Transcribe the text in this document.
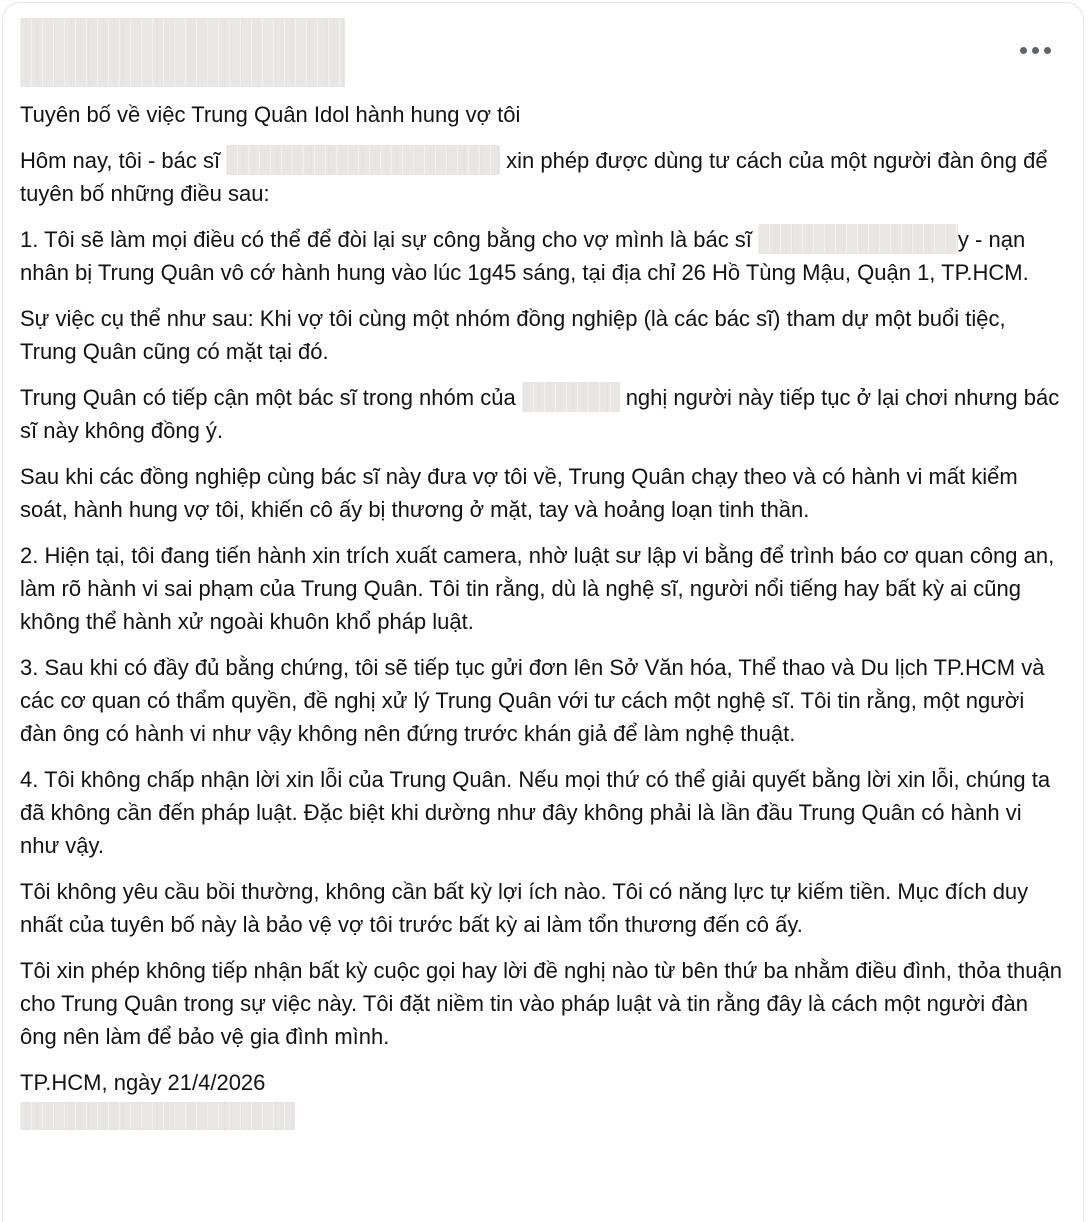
Tuyên bố về việc Trung Quân Idol hành hung vợ tôi

Hôm nay, tôi - bác sĩ	xin phép được dùng tư cách của một người đàn ông để tuyên bố những điều sau:

1. Tôi sẽ làm mọi điều có thể để đòi lại sự công bằng cho vợ mình là bác sĩ	y - nạn nhân bị Trung Quân vô cớ hành hung vào lúc 1g45 sáng, tại địa chỉ 26 Hồ Tùng Mậu, Quận 1, TP.HCM.

Sự việc cụ thể như sau: Khi vợ tôi cùng một nhóm đồng nghiệp (là các bác sĩ) tham dự một buổi tiệc, Trung Quân cũng có mặt tại đó.

Trung Quân có tiếp cận một bác sĩ trong nhóm của	nghị người này tiếp tục ở lại chơi nhưng bác sĩ này không đồng ý.

Sau khi các đồng nghiệp cùng bác sĩ này đưa vợ tôi về, Trung Quân chạy theo và có hành vi mất kiểm soát, hành hung vợ tôi, khiến cô ấy bị thương ở mặt, tay và hoảng loạn tinh thần.

2. Hiện tại, tôi đang tiến hành xin trích xuất camera, nhờ luật sư lập vi bằng để trình báo cơ quan công an, làm rõ hành vi sai phạm của Trung Quân. Tôi tin rằng, dù là nghệ sĩ, người nổi tiếng hay bất kỳ ai cũng không thể hành xử ngoài khuôn khổ pháp luật.

3. Sau khi có đầy đủ bằng chứng, tôi sẽ tiếp tục gửi đơn lên Sở Văn hóa, Thể thao và Du lịch TP.HCM và các cơ quan có thẩm quyền, đề nghị xử lý Trung Quân với tư cách một nghệ sĩ. Tôi tin rằng, một người đàn ông có hành vi như vậy không nên đứng trước khán giả để làm nghệ thuật.

4. Tôi không chấp nhận lời xin lỗi của Trung Quân. Nếu mọi thứ có thể giải quyết bằng lời xin lỗi, chúng ta đã không cần đến pháp luật. Đặc biệt khi dường như đây không phải là lần đầu Trung Quân có hành vi như vậy.

Tôi không yêu cầu bồi thường, không cần bất kỳ lợi ích nào. Tôi có năng lực tự kiếm tiền. Mục đích duy nhất của tuyên bố này là bảo vệ vợ tôi trước bất kỳ ai làm tổn thương đến cô ấy.

Tôi xin phép không tiếp nhận bất kỳ cuộc gọi hay lời đề nghị nào từ bên thứ ba nhằm điều đình, thỏa thuận cho Trung Quân trong sự việc này. Tôi đặt niềm tin vào pháp luật và tin rằng đây là cách một người đàn ông nên làm để bảo vệ gia đình mình.

TP.HCM, ngày 21/4/2026
